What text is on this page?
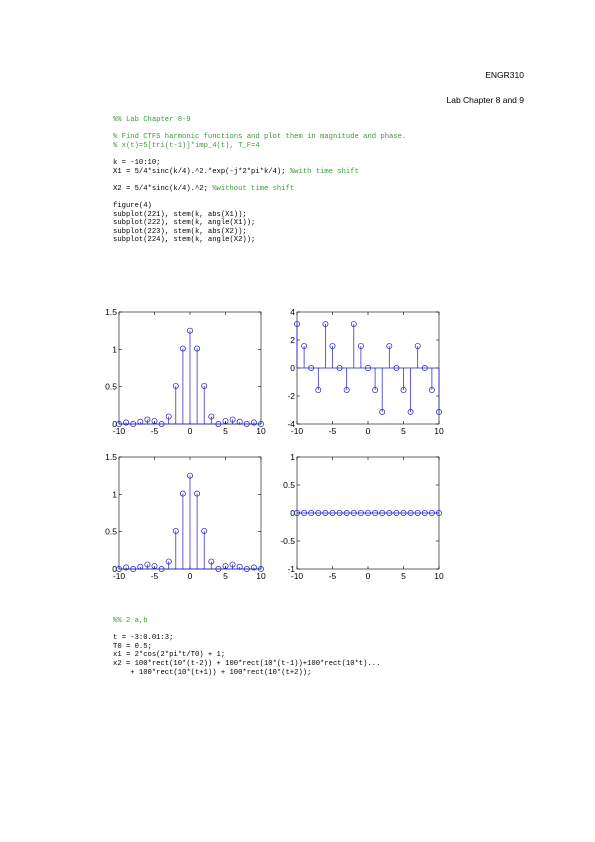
ENGR310
Lab Chapter 8 and 9
%% Lab Chapter 8-9
% Find CTFS harmonic functions and plot them in magnitude and phase.
% x(t)=5[tri(t-1)]*imp_4(t), T_F=4
k = -10:10;
X1 = 5/4*sinc(k/4).^2.*exp(-j*2*pi*k/4); %with time shift
X2 = 5/4*sinc(k/4).^2; %without time shift
figure(4)
subplot(221), stem(k, abs(X1));
subplot(222), stem(k, angle(X1));
subplot(223), stem(k, abs(X2));
subplot(224), stem(k, angle(X2));
-10	-5	0	5	10
0
0.5
1
1.5
-10	-5	0	5	10
-4
-2
0
2
4
-10	-5	0	5	10
0
0.5
1
1.5
-10	-5	0	5	10
-1
-0.5
0
0.5
1
%% 2 a,b
t = -3:0.01:3;
T0 = 0.5;
x1 = 2*cos(2*pi*t/T0) + 1;
x2 = 100*rect(10*(t-2)) + 100*rect(10*(t-1))+100*rect(10*t)...
+ 100*rect(10*(t+1)) + 100*rect(10*(t+2));
